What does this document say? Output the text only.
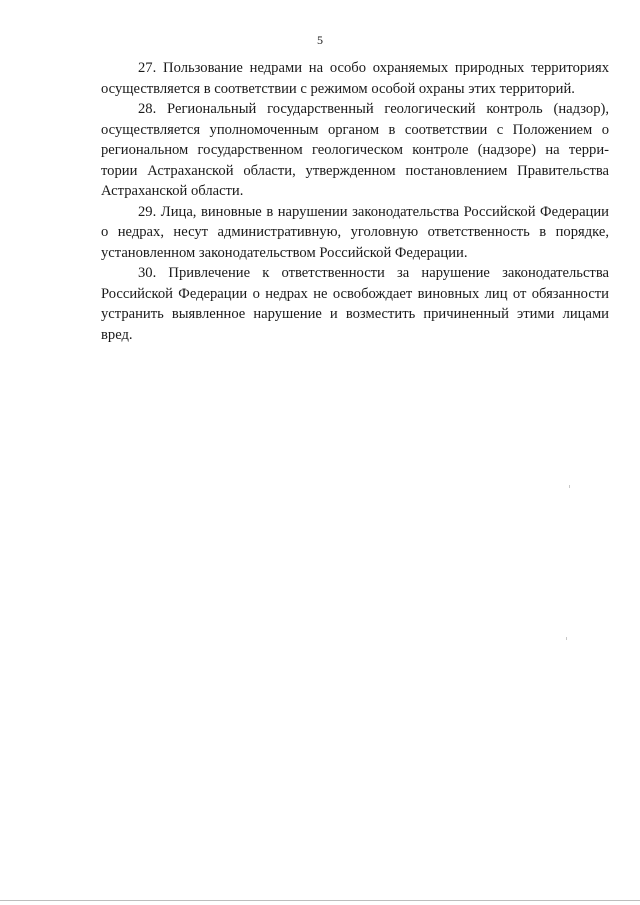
5

27. Пользование недрами на особо охраняемых природных территориях осуществляется в соответствии с режимом особой охраны этих территорий.

28. Региональный государственный геологический контроль (надзор), осуществляется уполномоченным органом в соответствии с Положением о региональном государственном геологическом контроле (надзоре) на терри-тории Астраханской области, утвержденном постановлением Правительства Астраханской области.

29. Лица, виновные в нарушении законодательства Российской Федерации о недрах, несут административную, уголовную ответственность в порядке, установленном законодательством Российской Федерации.

30. Привлечение к ответственности за нарушение законодательства Российской Федерации о недрах не освобождает виновных лиц от обязанности устранить выявленное нарушение и возместить причиненный этими лицами вред.
